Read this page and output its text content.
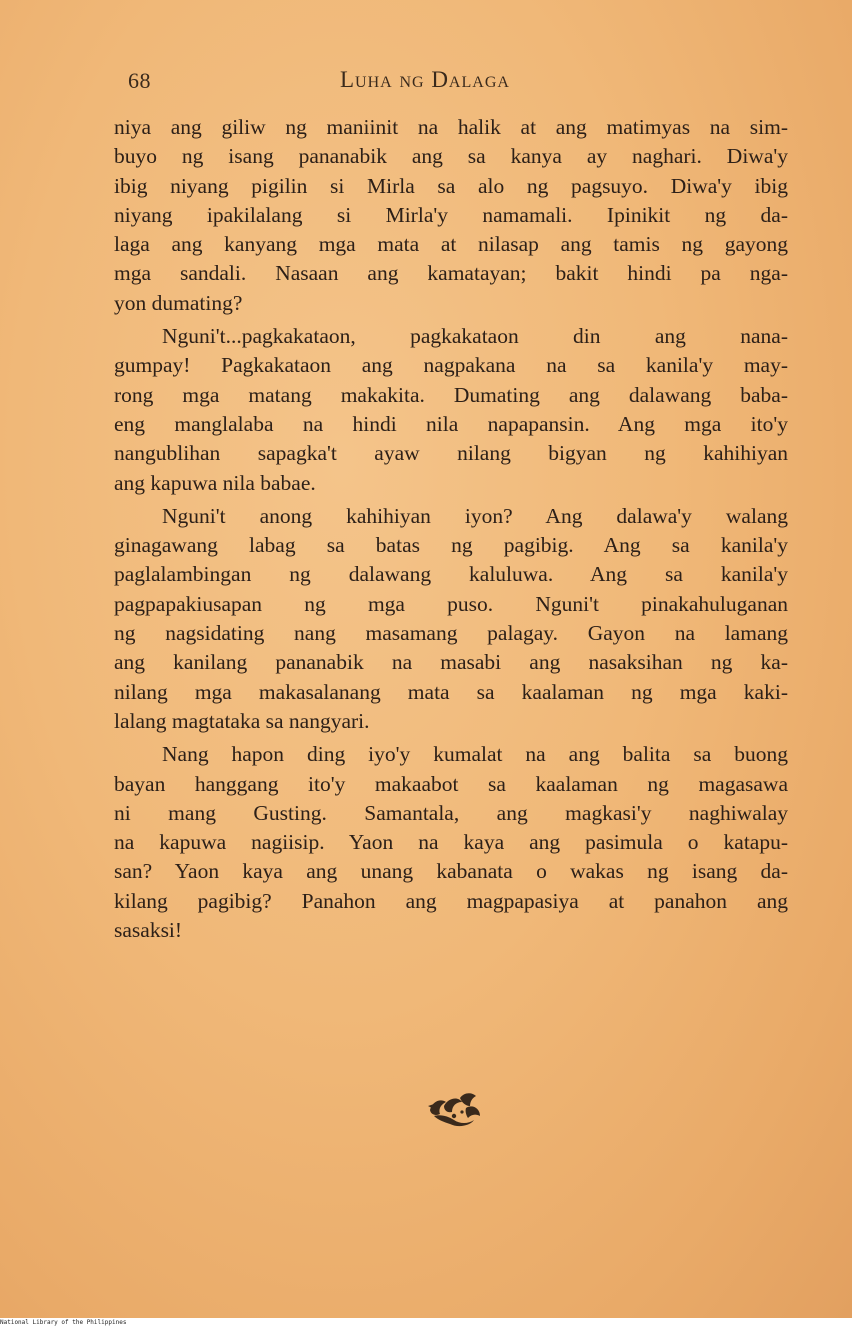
68	Luha ng Dalaga
niya ang giliw ng maniinit na halik at ang matimyas na sim-
buyo ng isang pananabik ang sa kanya ay naghari. Diwa'y
ibig niyang pigilin si Mirla sa alo ng pagsuyo. Diwa'y ibig
niyang ipakilalang si Mirla'y namamali. Ipinikit ng da-
laga ang kanyang mga mata at nilasap ang tamis ng gayong
mga sandali. Nasaan ang kamatayan; bakit hindi pa nga-
yon dumating?
Nguni't...pagkakataon, pagkakataon din ang nana-
gumpay! Pagkakataon ang nagpakana na sa kanila'y may-
rong mga matang makakita. Dumating ang dalawang baba-
eng manglalaba na hindi nila napapansin. Ang mga ito'y
nangublihan sapagka't ayaw nilang bigyan ng kahihiyan
ang kapuwa nila babae.
Nguni't anong kahihiyan iyon? Ang dalawa'y walang
ginagawang labag sa batas ng pagibig. Ang sa kanila'y
paglalambingan ng dalawang kaluluwa. Ang sa kanila'y
pagpapakiusapan ng mga puso. Nguni't pinakahuluganan
ng nagsidating nang masamang palagay. Gayon na lamang
ang kanilang pananabik na masabi ang nasaksihan ng ka-
nilang mga makasalanang mata sa kaalaman ng mga kaki-
lalang magtataka sa nangyari.
Nang hapon ding iyo'y kumalat na ang balita sa buong
bayan hanggang ito'y makaabot sa kaalaman ng magasawa
ni mang Gusting. Samantala, ang magkasi'y naghiwalay
na kapuwa nagiisip. Yaon na kaya ang pasimula o katapu-
san? Yaon kaya ang unang kabanata o wakas ng isang da-
kilang pagibig? Panahon ang magpapasiya at panahon ang
sasaksi!
National Library of the Philippines
